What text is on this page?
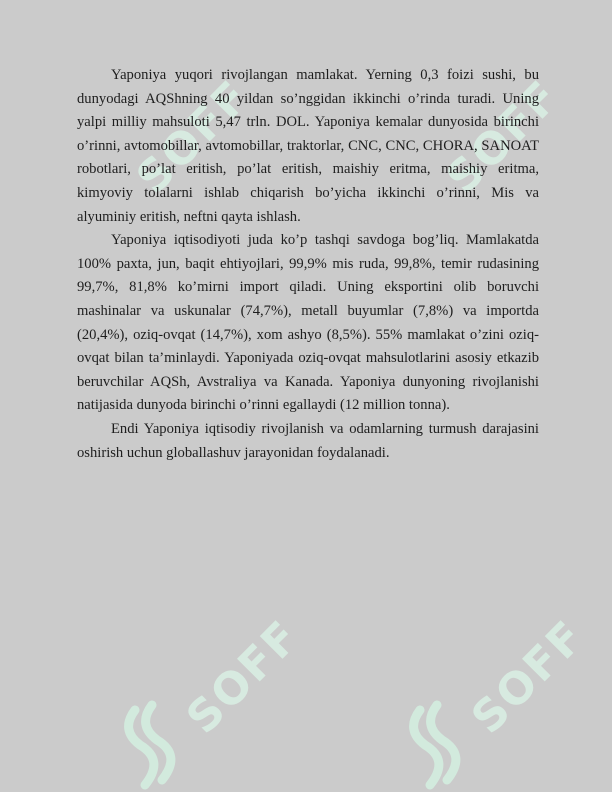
SOFF	SOFF
SOFF	SOFF

Yaponiya yuqori rivojlangan mamlakat. Yerning 0,3 foizi sushi, bu dunyodagi AQShning 40 yildan so’nggidan ikkinchi o’rinda turadi. Uning yalpi milliy mahsuloti 5,47 trln. DOL. Yaponiya kemalar dunyosida birinchi o’rinni, avtomobillar, avtomobillar, traktorlar, CNC, CNC, CHORA, SANOAT robotlari, po’lat eritish, po’lat eritish, maishiy eritma, maishiy eritma, kimyoviy tolalarni ishlab chiqarish bo’yicha ikkinchi o’rinni, Mis va alyuminiy eritish, neftni qayta ishlash.

Yaponiya iqtisodiyoti juda ko’p tashqi savdoga bog’liq. Mamlakatda 100% paxta, jun, baqit ehtiyojlari, 99,9% mis ruda, 99,8%, temir rudasining 99,7%, 81,8% ko’mirni import qiladi. Uning eksportini olib boruvchi mashinalar va uskunalar (74,7%), metall buyumlar (7,8%) va importda (20,4%), oziq-ovqat (14,7%), xom ashyo (8,5%). 55% mamlakat o’zini oziq-ovqat bilan ta’minlaydi. Yaponiyada oziq-ovqat mahsulotlarini asosiy etkazib beruvchilar AQSh, Avstraliya va Kanada. Yaponiya dunyoning rivojlanishi natijasida dunyoda birinchi o’rinni egallaydi (12 million tonna).

Endi Yaponiya iqtisodiy rivojlanish va odamlarning turmush darajasini oshirish uchun globallashuv jarayonidan foydalanadi.
